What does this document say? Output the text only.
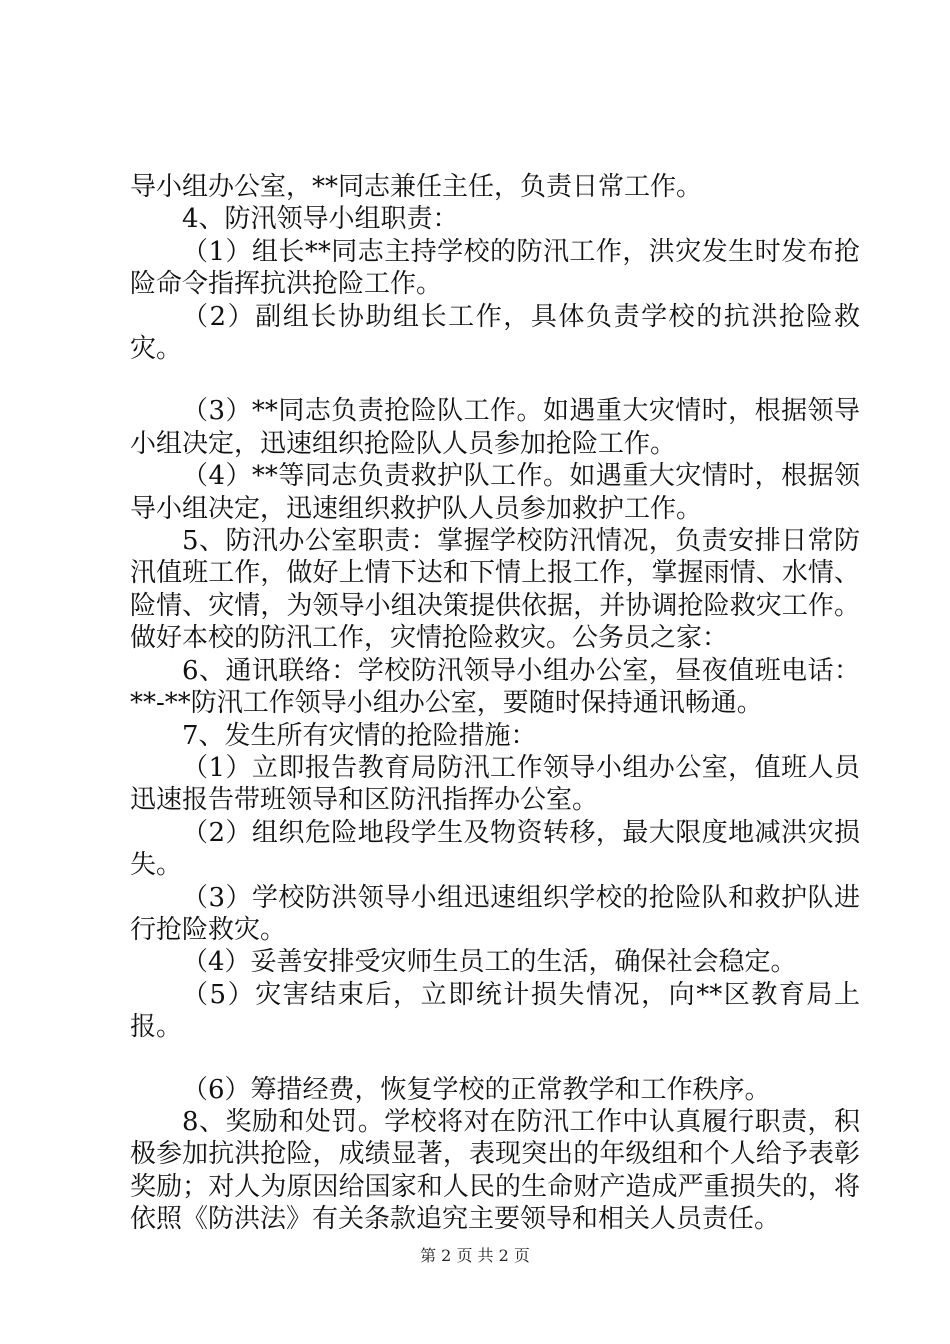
导小组办公室，**同志兼任主任，负责日常工作。

4、防汛领导小组职责：

（1）组长**同志主持学校的防汛工作，洪灾发生时发布抢险命令指挥抗洪抢险工作。

（2）副组长协助组长工作，具体负责学校的抗洪抢险救灾。

（3）**同志负责抢险队工作。如遇重大灾情时，根据领导小组决定，迅速组织抢险队人员参加抢险工作。

（4）**等同志负责救护队工作。如遇重大灾情时，根据领导小组决定，迅速组织救护队人员参加救护工作。

5、防汛办公室职责：掌握学校防汛情况，负责安排日常防汛值班工作，做好上情下达和下情上报工作，掌握雨情、水情、险情、灾情，为领导小组决策提供依据，并协调抢险救灾工作。做好本校的防汛工作，灾情抢险救灾。公务员之家：

6、通讯联络：学校防汛领导小组办公室，昼夜值班电话：**-**防汛工作领导小组办公室，要随时保持通讯畅通。

7、发生所有灾情的抢险措施：

（1）立即报告教育局防汛工作领导小组办公室，值班人员迅速报告带班领导和区防汛指挥办公室。

（2）组织危险地段学生及物资转移，最大限度地减洪灾损失。

（3）学校防洪领导小组迅速组织学校的抢险队和救护队进行抢险救灾。

（4）妥善安排受灾师生员工的生活，确保社会稳定。

（5）灾害结束后，立即统计损失情况，向**区教育局上报。

（6）筹措经费，恢复学校的正常教学和工作秩序。

8、奖励和处罚。学校将对在防汛工作中认真履行职责，积极参加抗洪抢险，成绩显著，表现突出的年级组和个人给予表彰奖励；对人为原因给国家和人民的生命财产造成严重损失的，将依照《防洪法》有关条款追究主要领导和相关人员责任。

第 2 页 共 2 页
